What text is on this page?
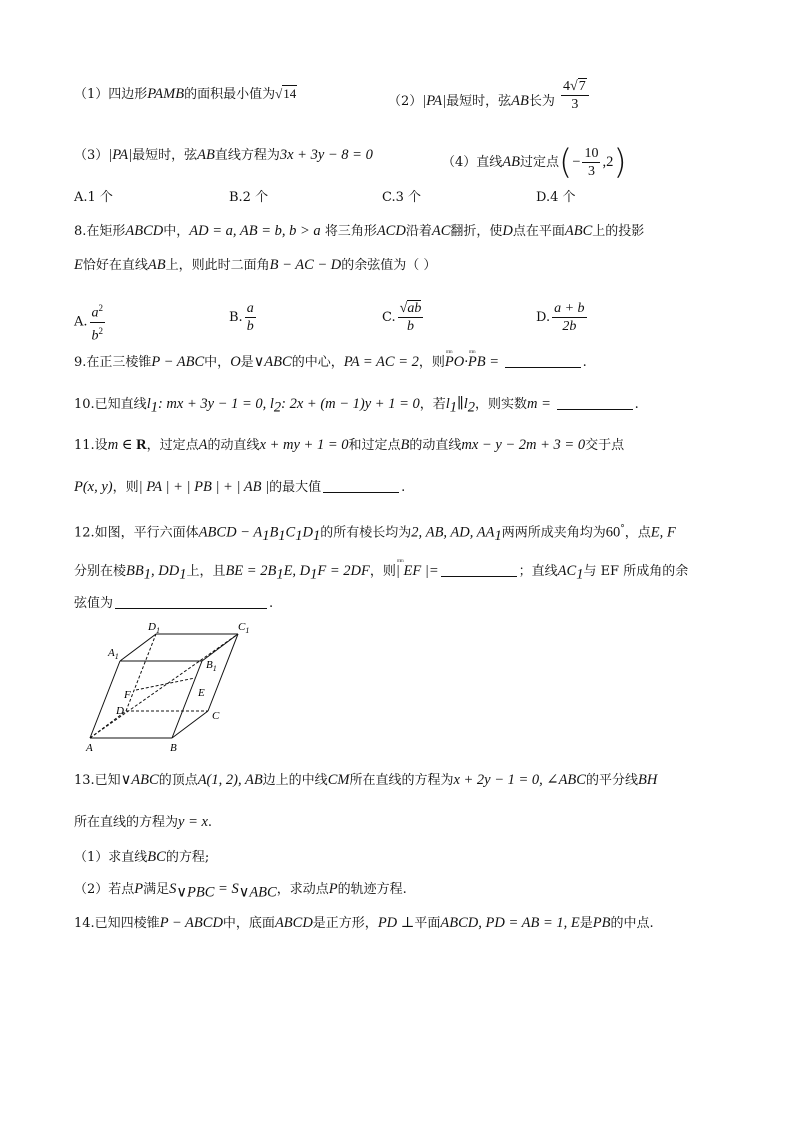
（1）四边形PAMB的面积最小值为√14
（2）|PA|最短时，弦AB长为 $\frac{4√7}{3}$
（3）|PA|最短时，弦AB直线方程为3x + 3y − 8 = 0	（4）直线AB过定点(− $\frac{10}{3} ,2$)
A.1 个	B.2 个	C.3 个	D.4 个
8.在矩形ABCD中，AD = a, AB = b, b > a 将三角形ACD沿着AC翻折，使D点在平面ABC上的投影
E恰好在直线AB上，则此时二面角B − AC − D的余弦值为（ ）
A. $\frac{a^2}{b^2}$	B. $\frac{a}{b}$	C. $\frac{√ab}{b}$	D. $\frac{a + b}{2b}$
9.在正三棱锥P − ABC中，O是∨ABC的中心，PA = AC = 2，则ᵐᵐ PO·ᵐᵐ PB =	.
10.已知直线$l_1$: mx + 3y − 1 = 0, $l_2$: 2x + (m − 1)y + 1 = 0，若$l_1\parallel l_2$，则实数m =	.
11.设m ∈ R，过定点A的动直线x + my + 1 = 0和过定点B的动直线mx − y − 2m + 3 = 0交于点
P(x, y)，则| PA | + | PB | + | AB |的最大值	.
12.如图，平行六面体ABCD − $A_1B_1C_1D_1$的所有棱长均为2, AB, AD, $AA_1$两两所成夹角均为60°，点E, F
分别在棱$BB_1$, $DD_1$上，且BE = $2B_1E$, $D_1F = 2DF$，则ᵐᵐ | EF |=	；直线$AC_1$与 EF 所成角的余
弦值为	.
$D_1$	$C_1$
$A_1$
$B_1$
F	E
D	C
A	B
13.已知∨ABC的顶点A(1, 2), AB边上的中线CM所在直线的方程为x + 2y − 1 = 0, ∠ABC的平分线BH
所在直线的方程为y = x.
（1）求直线BC的方程;
（2）若点P满足$S_{\vee PBC} = S_{\vee ABC}$，求动点P的轨迹方程.
14.已知四棱锥P − ABCD中，底面ABCD是正方形，PD ⊥平面ABCD, PD = AB = 1, E是PB的中点.
